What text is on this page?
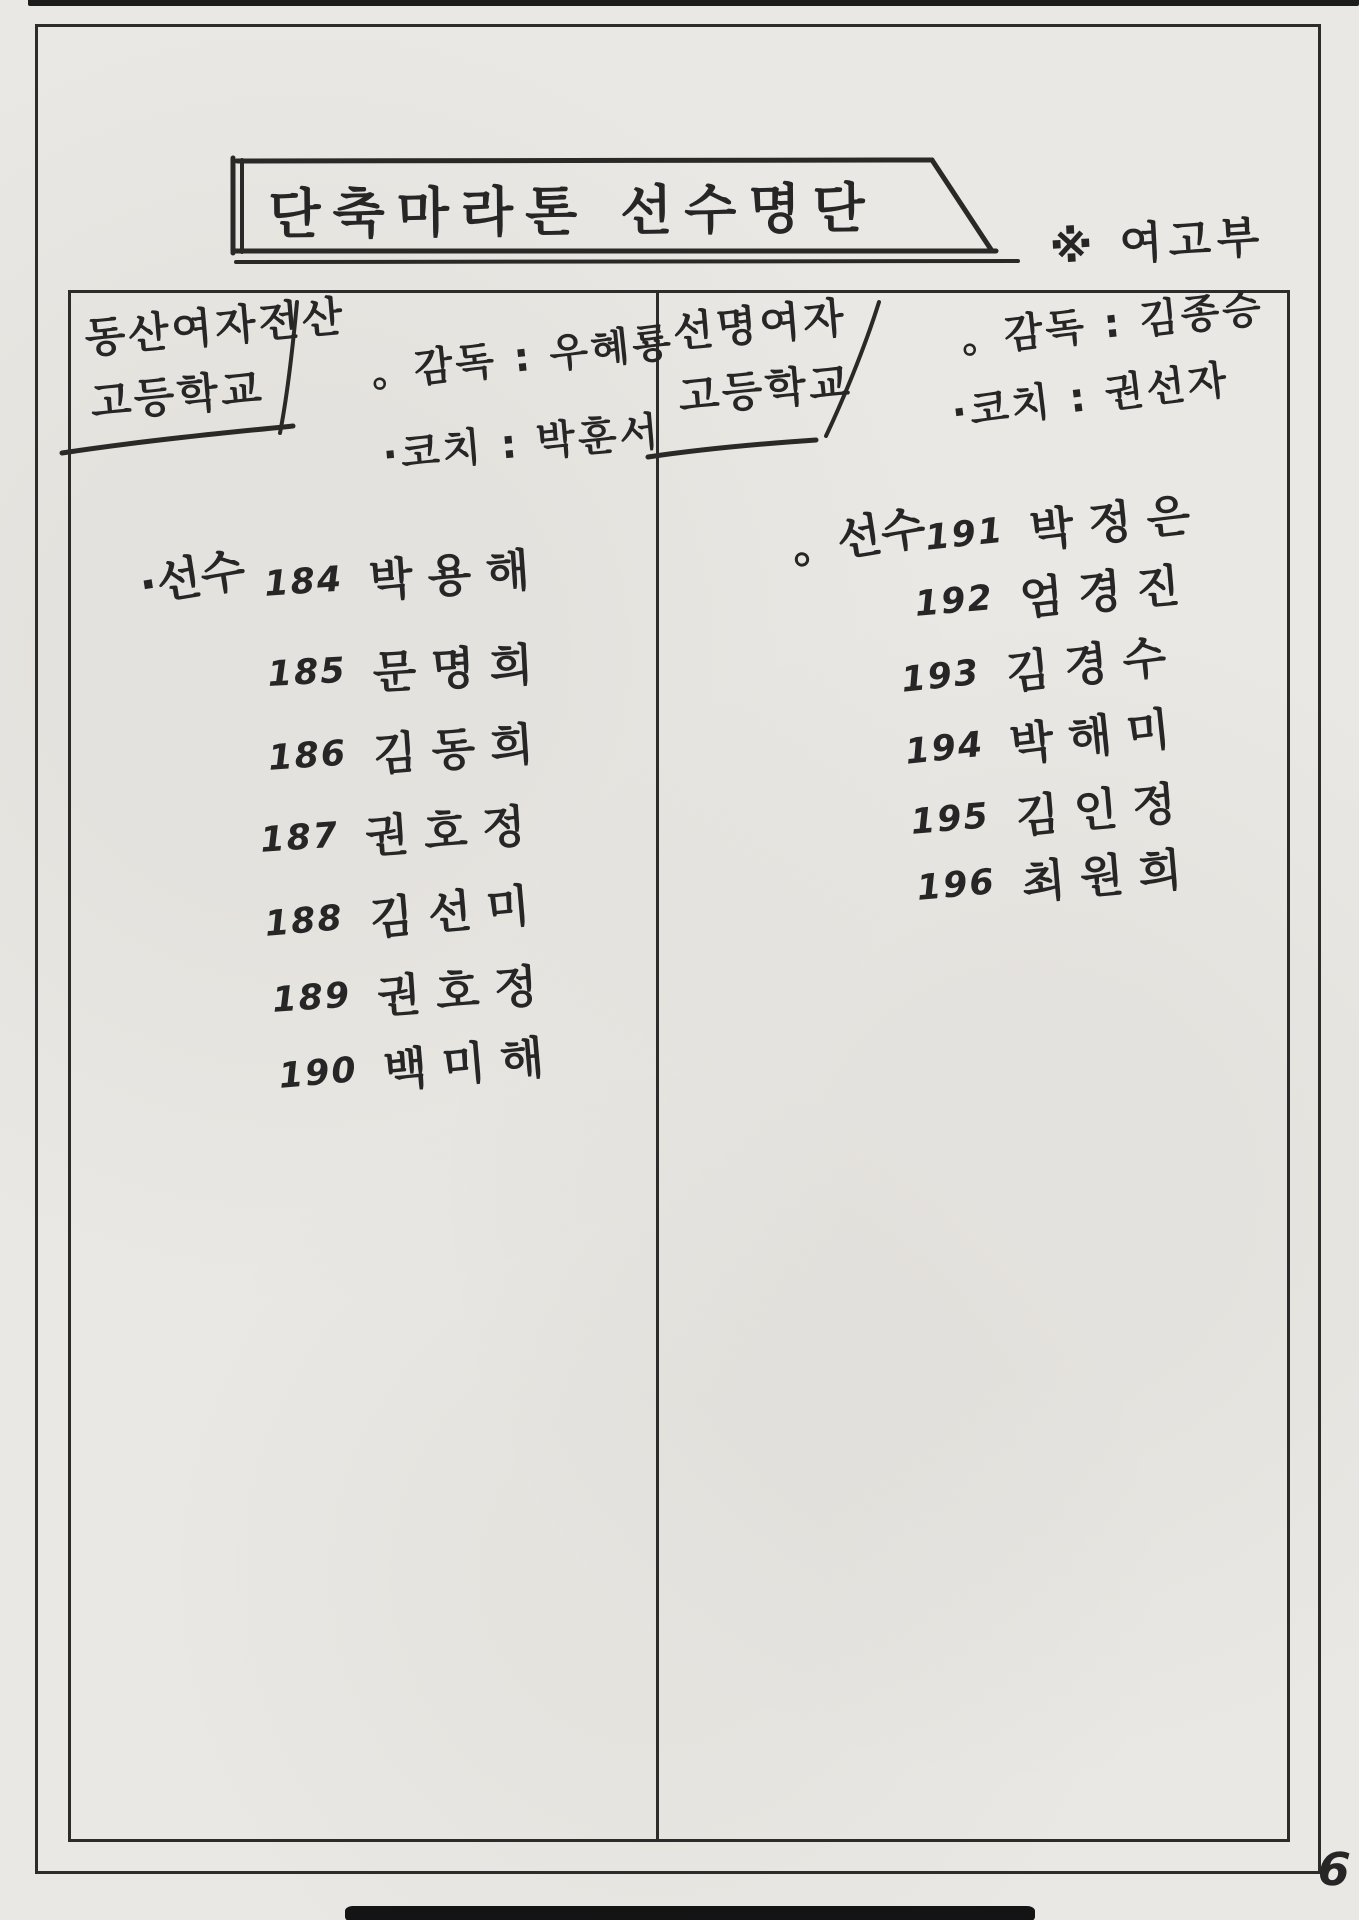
단축마라톤 선수명단	※ 여고부
동산여자전산
고등학교	。감독 : 우혜룡
·코치 : 박훈서
·선수 184 박용해
185 문명희
186 김동희
187 권호정
188 김선미
189 권호정
190 백미해
선명여자
고등학교
。감독 : 김종승
·코치 : 권선자
。선수
191 박정은
192 엄경진
193 김경수
194 박해미
195 김인정
196 최원희
6
